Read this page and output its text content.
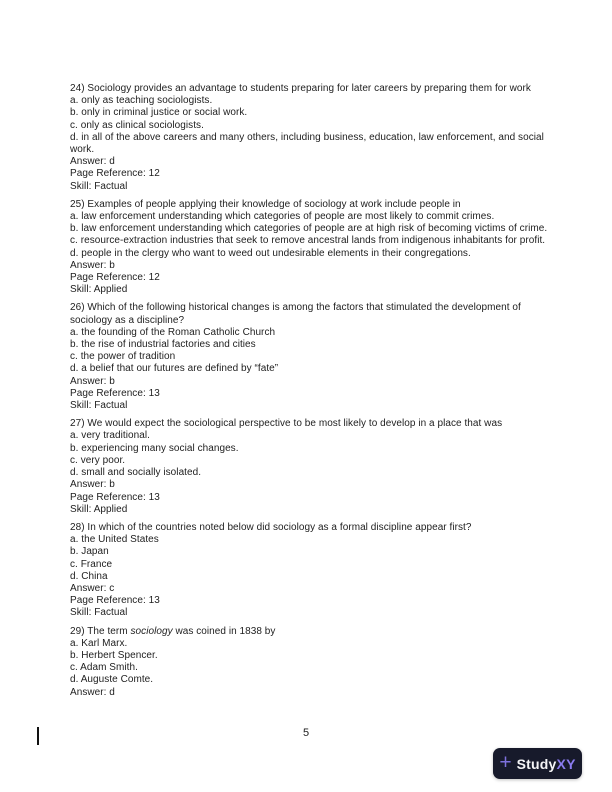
24) Sociology provides an advantage to students preparing for later careers by preparing them for work

a. only as teaching sociologists.

b. only in criminal justice or social work.

c. only as clinical sociologists.

d. in all of the above careers and many others, including business, education, law enforcement, and social work.

Answer: d

Page Reference: 12

Skill: Factual

25) Examples of people applying their knowledge of sociology at work include people in

a. law enforcement understanding which categories of people are most likely to commit crimes.

b. law enforcement understanding which categories of people are at high risk of becoming victims of crime.

c. resource-extraction industries that seek to remove ancestral lands from indigenous inhabitants for profit.

d. people in the clergy who want to weed out undesirable elements in their congregations.

Answer: b

Page Reference: 12

Skill: Applied

26) Which of the following historical changes is among the factors that stimulated the development of sociology as a discipline?

a. the founding of the Roman Catholic Church

b. the rise of industrial factories and cities

c. the power of tradition

d. a belief that our futures are defined by “fate”

Answer: b

Page Reference: 13

Skill: Factual

27) We would expect the sociological perspective to be most likely to develop in a place that was

a. very traditional.

b. experiencing many social changes.

c. very poor.

d. small and socially isolated.

Answer: b

Page Reference: 13

Skill: Applied

28) In which of the countries noted below did sociology as a formal discipline appear first?

a. the United States

b. Japan

c. France

d. China

Answer: c

Page Reference: 13

Skill: Factual

29) The term sociology was coined in 1838 by

a. Karl Marx.

b. Herbert Spencer.

c. Adam Smith.

d. Auguste Comte.

Answer: d

5
+ Study XY
